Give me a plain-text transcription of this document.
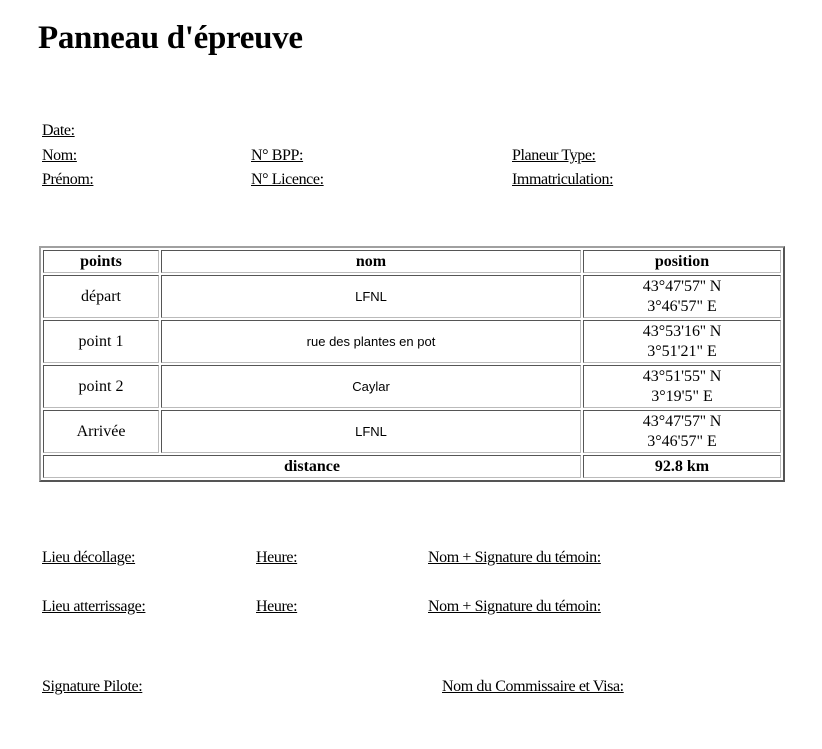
Panneau d'épreuve
Date:
Nom:
Prénom:
N° BPP:
N° Licence:
Planeur Type:
Immatriculation:
points	nom	position
départ	LFNL	43°47'57'' N
3°46'57" E

point 1	rue des plantes en pot	43°53'16'' N
3°51'21" E

point 2	Caylar	43°51'55'' N
3°19'5" E

Arrivée	LFNL	43°47'57'' N
3°46'57" E

distance		92.8 km
Lieu décollage:	Heure:	Nom + Signature du témoin:
Lieu atterrissage:	Heure:	Nom + Signature du témoin:
Signature Pilote:	Nom du Commissaire et Visa:
